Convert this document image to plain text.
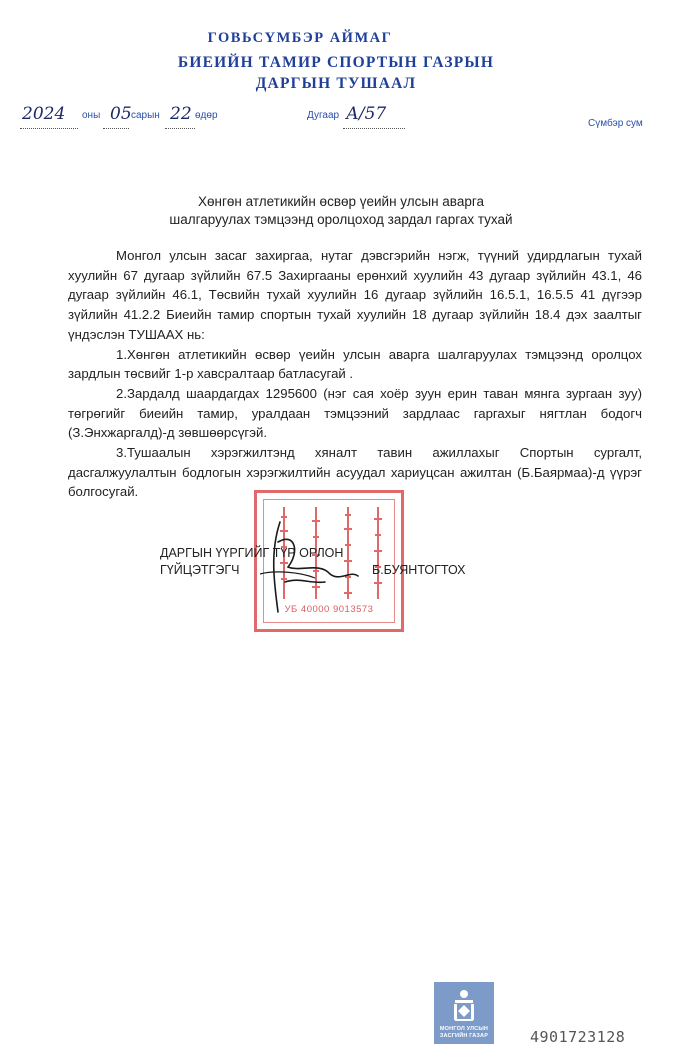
ГОВЬСҮМБЭР АЙМАГ
БИЕИЙН ТАМИР СПОРТЫН ГАЗРЫН
ДАРГЫН ТУШААЛ
2024 оны 05 сарын 22 өдөр	Дугаар А/57	Сүмбэр сум
Хөнгөн атлетикийн өсвөр үеийн улсын аварга
шалгаруулах тэмцээнд оролцоход зардал гаргах тухай

Монгол улсын засаг захиргаа, нутаг дэвсгэрийн нэгж, түүний удирдлагын тухай хуулийн 67 дугаар зүйлийн 67.5 Захиргааны ерөнхий хуулийн 43 дугаар зүйлийн 43.1, 46 дугаар зүйлийн 46.1, Төсвийн тухай хуулийн 16 дугаар зүйлийн 16.5.1, 16.5.5 41 дүгээр зүйлийн 41.2.2 Биеийн тамир спортын тухай хуулийн 18 дугаар зүйлийн 18.4 дэх заалтыг үндэслэн ТУШААХ нь:

1.Хөнгөн атлетикийн өсвөр үеийн улсын аварга шалгаруулах тэмцээнд оролцох зардлын төсвийг 1-р хавсралтаар батласугай .

2.Зардалд шаардагдах 1295600 (нэг сая хоёр зуун ерин таван мянга зургаан зуу) төгрөгийг биеийн тамир, уралдаан тэмцээний зардлаас гаргахыг нягтлан бодогч (З.Энхжаргалд)-д зөвшөөрсүгэй.

3.Тушаалын хэрэгжилтэнд хяналт тавин ажиллахыг Спортын сургалт, дасгалжуулалтын бодлогын хэрэгжилтийн асуудал хариуцсан ажилтан (Б.Баярмаа)-д үүрэг болгосугай.

УБ 40000 9013573
ДАРГЫН ҮҮРГИЙГ ТҮР ОРЛОН
ГҮЙЦЭТГЭГЧ	Б.БУЯНТОГТОХ
МОНГОЛ УЛСЫН
ЗАСГИЙН ГАЗАР	4901723128
